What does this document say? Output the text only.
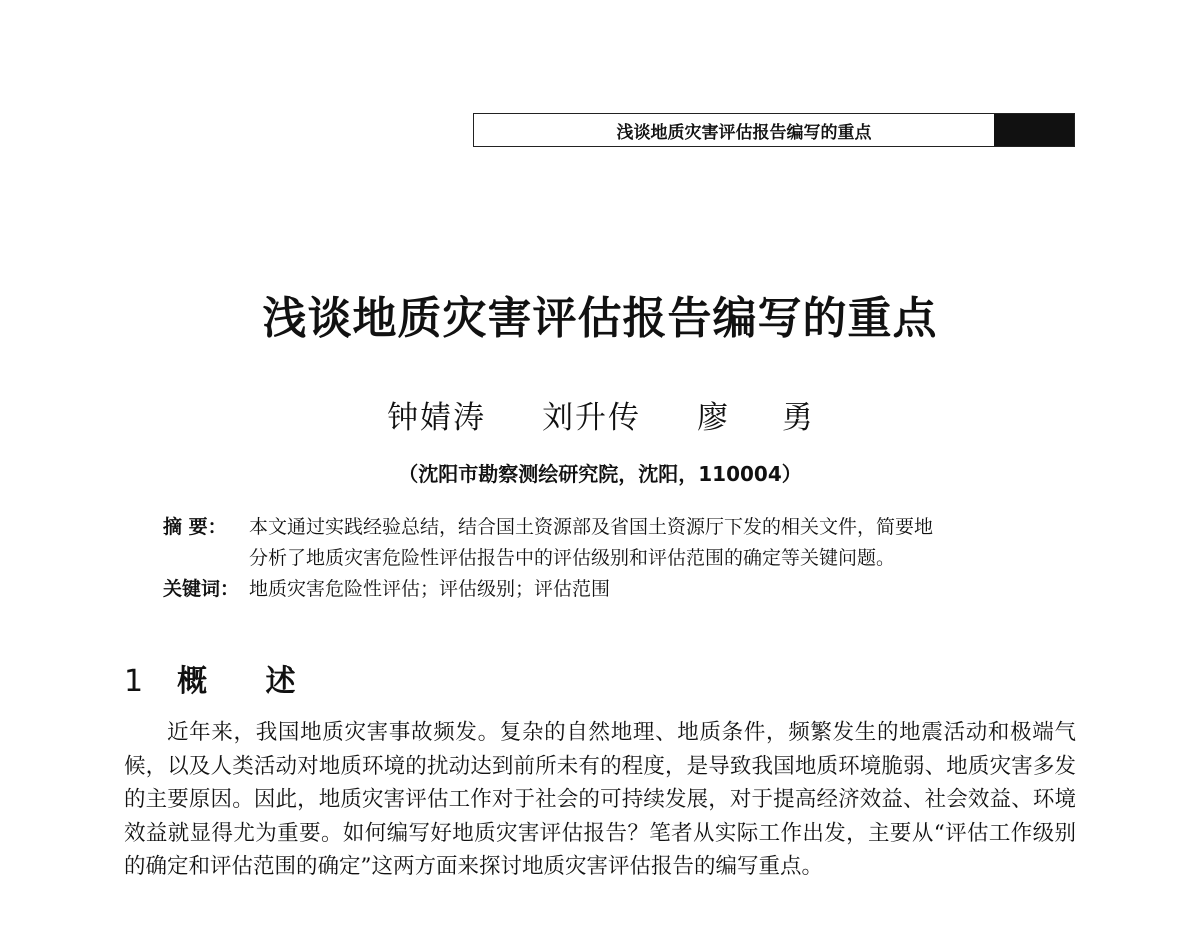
浅谈地质灾害评估报告编写的重点
浅谈地质灾害评估报告编写的重点
钟婧涛 刘升传 廖 勇
（沈阳市勘察测绘研究院，沈阳，110004）
摘 要：	本文通过实践经验总结，结合国土资源部及省国土资源厅下发的相关文件，简要地
分析了地质灾害危险性评估报告中的评估级别和评估范围的确定等关键问题。
关键词： 地质灾害危险性评估；评估级别；评估范围
1 概 述

近年来，我国地质灾害事故频发。复杂的自然地理、地质条件，频繁发生的地震活动和极端气候，以及人类活动对地质环境的扰动达到前所未有的程度，是导致我国地质环境脆弱、地质灾害多发的主要原因。因此，地质灾害评估工作对于社会的可持续发展，对于提高经济效益、社会效益、环境效益就显得尤为重要。如何编写好地质灾害评估报告？笔者从实际工作出发，主要从“评估工作级别的确定和评估范围的确定”这两方面来探讨地质灾害评估报告的编写重点。
